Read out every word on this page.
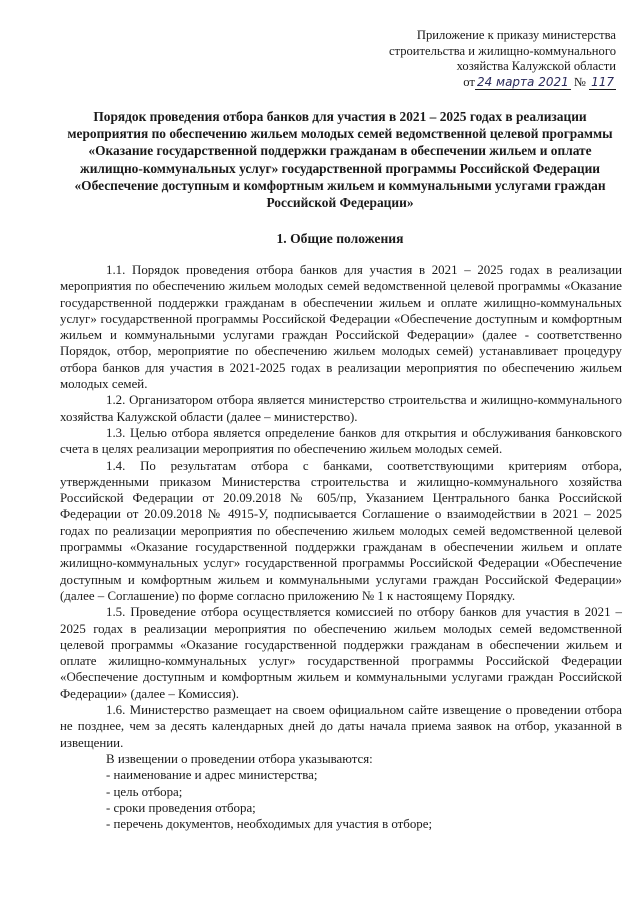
Приложение к приказу министерства
строительства и жилищно-коммунального
хозяйства Калужской области
от 24 марта 2021 № 117
Порядок проведения отбора банков для участия в 2021 – 2025 годах в реализации мероприятия по обеспечению жильем молодых семей ведомственной целевой программы «Оказание государственной поддержки гражданам в обеспечении жильем и оплате жилищно-коммунальных услуг» государственной программы Российской Федерации «Обеспечение доступным и комфортным жильем и коммунальными услугами граждан Российской Федерации»
1. Общие положения

1.1. Порядок проведения отбора банков для участия в 2021 – 2025 годах в реализации мероприятия по обеспечению жильем молодых семей ведомственной целевой программы «Оказание государственной поддержки гражданам в обеспечении жильем и оплате жилищно-коммунальных услуг» государственной программы Российской Федерации «Обеспечение доступным и комфортным жильем и коммунальными услугами граждан Российской Федерации» (далее - соответственно Порядок, отбор, мероприятие по обеспечению жильем молодых семей) устанавливает процедуру отбора банков для участия в 2021-2025 годах в реализации мероприятия по обеспечению жильем молодых семей.

1.2. Организатором отбора является министерство строительства и жилищно-коммунального хозяйства Калужской области (далее – министерство).

1.3. Целью отбора является определение банков для открытия и обслуживания банковского счета в целях реализации мероприятия по обеспечению жильем молодых семей.

1.4. По результатам отбора с банками, соответствующими критериям отбора, утвержденными приказом Министерства строительства и жилищно-коммунального хозяйства Российской Федерации от 20.09.2018 № 605/пр, Указанием Центрального банка Российской Федерации от 20.09.2018 № 4915-У, подписывается Соглашение о взаимодействии в 2021 – 2025 годах по реализации мероприятия по обеспечению жильем молодых семей ведомственной целевой программы «Оказание государственной поддержки гражданам в обеспечении жильем и оплате жилищно-коммунальных услуг» государственной программы Российской Федерации «Обеспечение доступным и комфортным жильем и коммунальными услугами граждан Российской Федерации» (далее – Соглашение) по форме согласно приложению № 1 к настоящему Порядку.

1.5. Проведение отбора осуществляется комиссией по отбору банков для участия в 2021 – 2025 годах в реализации мероприятия по обеспечению жильем молодых семей ведомственной целевой программы «Оказание государственной поддержки гражданам в обеспечении жильем и оплате жилищно-коммунальных услуг» государственной программы Российской Федерации «Обеспечение доступным и комфортным жильем и коммунальными услугами граждан Российской Федерации» (далее – Комиссия).

1.6. Министерство размещает на своем официальном сайте извещение о проведении отбора не позднее, чем за десять календарных дней до даты начала приема заявок на отбор, указанной в извещении.

В извещении о проведении отбора указываются:

- наименование и адрес министерства;
- цель отбора;
- сроки проведения отбора;
- перечень документов, необходимых для участия в отборе;
